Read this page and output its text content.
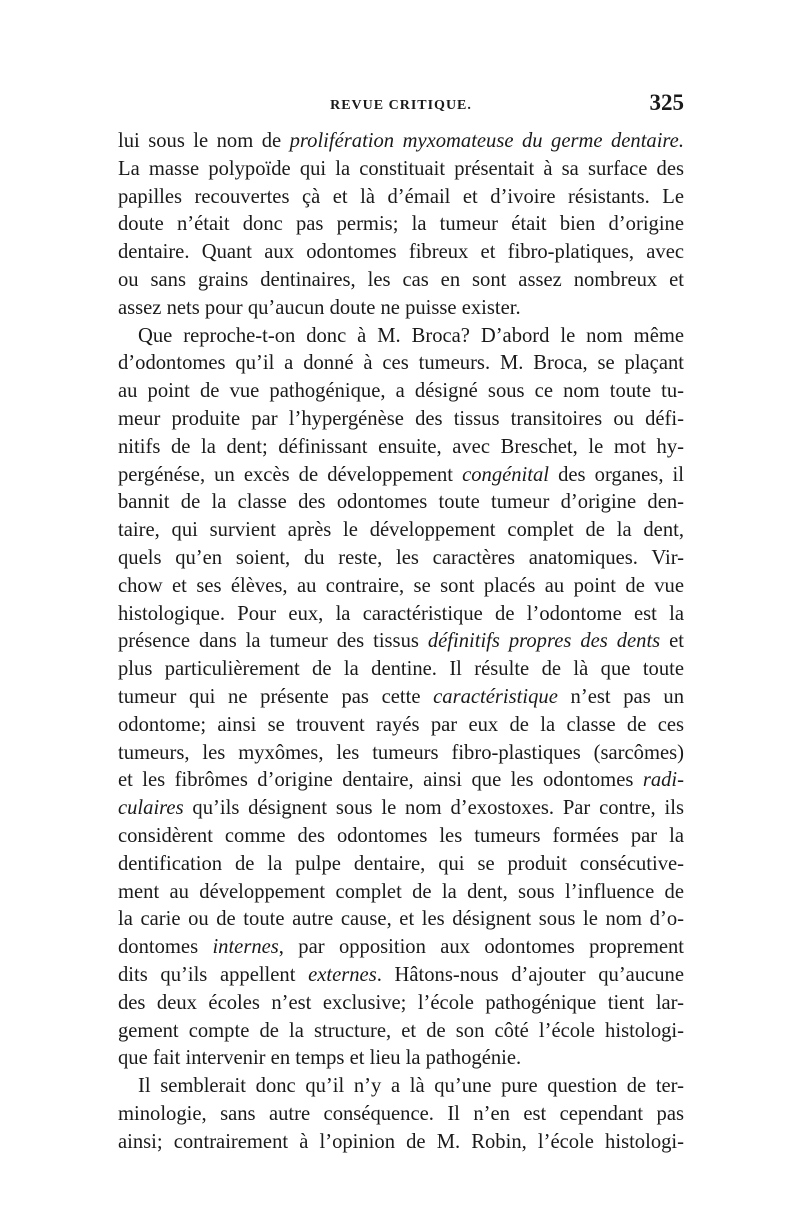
REVUE CRITIQUE.	325
lui sous le nom de prolifération myxomateuse du germe dentaire.
La masse polypoïde qui la constituait présentait à sa surface des
papilles recouvertes çà et là d’émail et d’ivoire résistants. Le
doute n’était donc pas permis; la tumeur était bien d’origine
dentaire. Quant aux odontomes fibreux et fibro-platiques, avec
ou sans grains dentinaires, les cas en sont assez nombreux et
assez nets pour qu’aucun doute ne puisse exister.
Que reproche-t-on donc à M. Broca? D’abord le nom même
d’odontomes qu’il a donné à ces tumeurs. M. Broca, se plaçant
au point de vue pathogénique, a désigné sous ce nom toute tu-
meur produite par l’hypergénèse des tissus transitoires ou défi-
nitifs de la dent; définissant ensuite, avec Breschet, le mot hy-
pergénése, un excès de développement congénital des organes, il
bannit de la classe des odontomes toute tumeur d’origine den-
taire, qui survient après le développement complet de la dent,
quels qu’en soient, du reste, les caractères anatomiques. Vir-
chow et ses élèves, au contraire, se sont placés au point de vue
histologique. Pour eux, la caractéristique de l’odontome est la
présence dans la tumeur des tissus définitifs propres des dents et
plus particulièrement de la dentine. Il résulte de là que toute
tumeur qui ne présente pas cette caractéristique n’est pas un
odontome; ainsi se trouvent rayés par eux de la classe de ces
tumeurs, les myxômes, les tumeurs fibro-plastiques (sarcômes)
et les fibrômes d’origine dentaire, ainsi que les odontomes radi-
culaires qu’ils désignent sous le nom d’exostoxes. Par contre, ils
considèrent comme des odontomes les tumeurs formées par la
dentification de la pulpe dentaire, qui se produit consécutive-
ment au développement complet de la dent, sous l’influence de
la carie ou de toute autre cause, et les désignent sous le nom d’o-
dontomes internes, par opposition aux odontomes proprement
dits qu’ils appellent externes. Hâtons-nous d’ajouter qu’aucune
des deux écoles n’est exclusive; l’école pathogénique tient lar-
gement compte de la structure, et de son côté l’école histologi-
que fait intervenir en temps et lieu la pathogénie.
Il semblerait donc qu’il n’y a là qu’une pure question de ter-
minologie, sans autre conséquence. Il n’en est cependant pas
ainsi; contrairement à l’opinion de M. Robin, l’école histologi-
